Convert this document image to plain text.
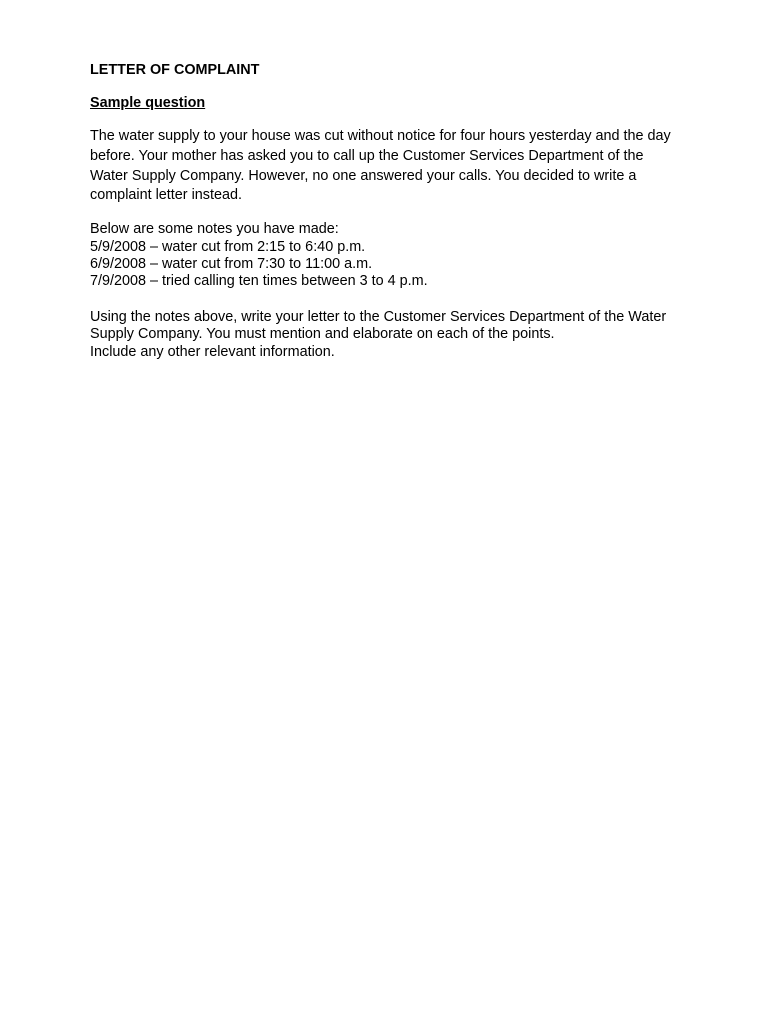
LETTER OF COMPLAINT
Sample question
The water supply to your house was cut without notice for four hours yesterday and the day
before. Your mother has asked you to call up the Customer Services Department of the
Water Supply Company. However, no one answered your calls. You decided to write a
complaint letter instead.
Below are some notes you have made:
5/9/2008 – water cut from 2:15 to 6:40 p.m.
6/9/2008 – water cut from 7:30 to 11:00 a.m.
7/9/2008 – tried calling ten times between 3 to 4 p.m.
Using the notes above, write your letter to the Customer Services Department of the Water
Supply Company. You must mention and elaborate on each of the points.
Include any other relevant information.
